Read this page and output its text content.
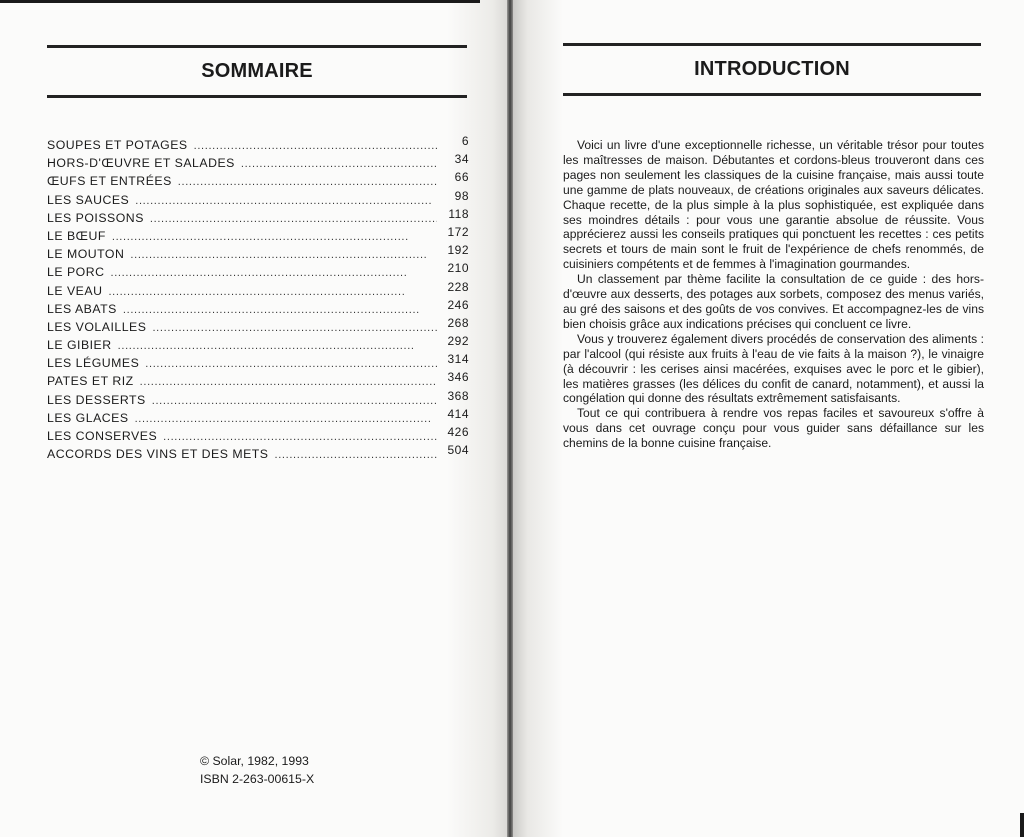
SOMMAIRE
SOUPES ET POTAGES . . .	6
HORS-D'ŒUVRE ET SALADES . . .	34
ŒUFS ET ENTRÉES . . .	66
LES SAUCES . . .	98
LES POISSONS . . .	118
LE BŒUF . . .	172
LE MOUTON . . .	192
LE PORC . . .	210
LE VEAU . . .	228
LES ABATS . . .	246
LES VOLAILLES . . .	268
LE GIBIER . . .	292
LES LÉGUMES . . .	314
PATES ET RIZ . . .	346
LES DESSERTS . . .	368
LES GLACES . . .	414
LES CONSERVES . . .	426
ACCORDS DES VINS ET DES METS . . .	504
© Solar, 1982, 1993
ISBN 2-263-00615-X
INTRODUCTION

Voici un livre d'une exceptionnelle richesse, un véritable trésor pour toutes les maîtresses de maison. Débutantes et cordons-bleus trouveront dans ces pages non seulement les classiques de la cuisine française, mais aussi toute une gamme de plats nouveaux, de créations originales aux saveurs délicates. Chaque recette, de la plus simple à la plus sophistiquée, est expliquée dans ses moindres détails : pour vous une garantie absolue de réussite. Vous apprécierez aussi les conseils pratiques qui ponctuent les recettes : ces petits secrets et tours de main sont le fruit de l'expérience de chefs renommés, de cuisiniers compétents et de femmes à l'imagination gourmandes.

Un classement par thème facilite la consultation de ce guide : des hors-d'œuvre aux desserts, des potages aux sorbets, composez des menus variés, au gré des saisons et des goûts de vos convives. Et accompagnez-les de vins bien choisis grâce aux indications précises qui concluent ce livre.

Vous y trouverez également divers procédés de conservation des aliments : par l'alcool (qui résiste aux fruits à l'eau de vie faits à la maison ?), le vinaigre (à découvrir : les cerises ainsi macérées, exquises avec le porc et le gibier), les matières grasses (les délices du confit de canard, notamment), et aussi la congélation qui donne des résultats extrêmement satisfaisants.

Tout ce qui contribuera à rendre vos repas faciles et savoureux s'offre à vous dans cet ouvrage conçu pour vous guider sans défaillance sur les chemins de la bonne cuisine française.
